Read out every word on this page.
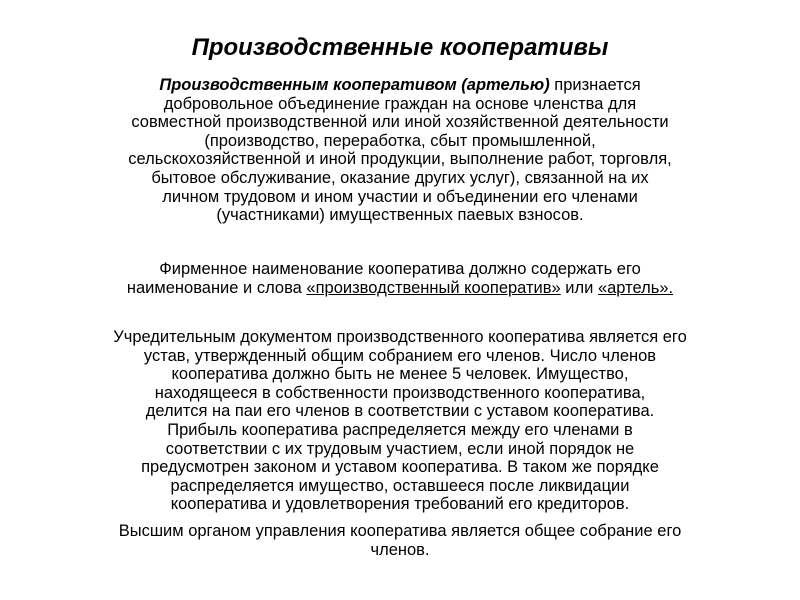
Производственные кооперативы
Производственным кооперативом (артелью) признается
добровольное объединение граждан на основе членства для
совместной производственной или иной хозяйственной деятельности
(производство, переработка, сбыт промышленной,
сельскохозяйственной и иной продукции, выполнение работ, торговля,
бытовое обслуживание, оказание других услуг), связанной на их
личном трудовом и ином участии и объединении его членами
(участниками) имущественных паевых взносов.
Фирменное наименование кооператива должно содержать его
наименование и слова «производственный кооператив» или «артель».
Учредительным документом производственного кооператива является его
устав, утвержденный общим собранием его членов. Число членов
кооператива должно быть не менее 5 человек. Имущество,
находящееся в собственности производственного кооператива,
делится на паи его членов в соответствии с уставом кооператива.
Прибыль кооператива распределяется между его членами в
соответствии с их трудовым участием, если иной порядок не
предусмотрен законом и уставом кооператива. В таком же порядке
распределяется имущество, оставшееся после ликвидации
кооператива и удовлетворения требований его кредиторов.
Высшим органом управления кооператива является общее собрание его
членов.
